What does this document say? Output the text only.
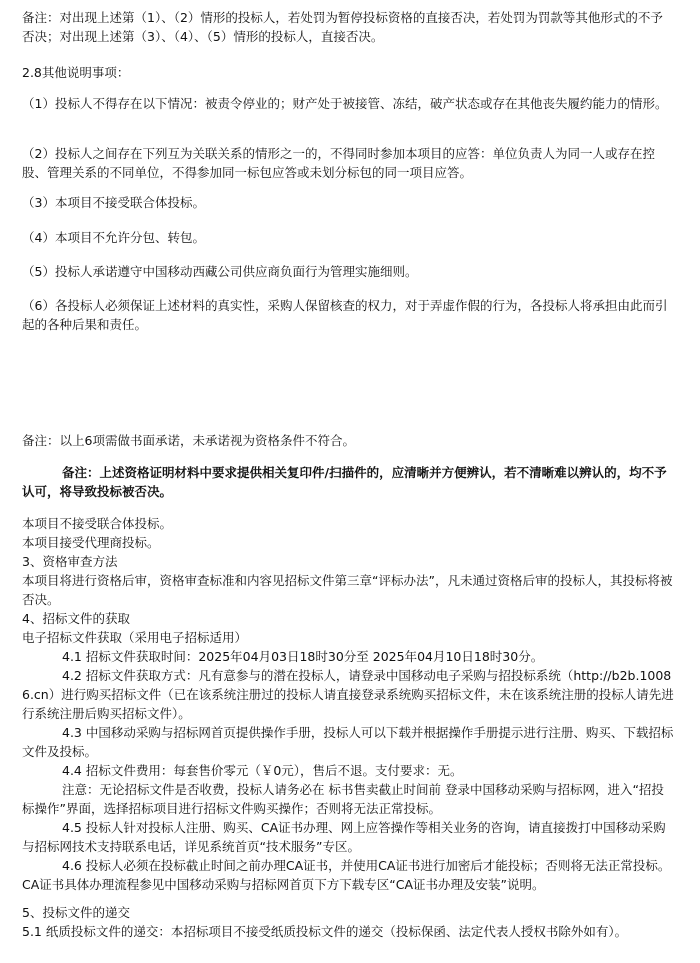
备注：对出现上述第（1）、（2）情形的投标人，若处罚为暂停投标资格的直接否决，若处罚为罚款等其他形式的不予否决；对出现上述第（3）、（4）、（5）情形的投标人，直接否决。

2.8其他说明事项：

（1）投标人不得存在以下情况：被责令停业的；财产处于被接管、冻结，破产状态或存在其他丧失履约能力的情形。

（2）投标人之间存在下列互为关联关系的情形之一的，不得同时参加本项目的应答：单位负责人为同一人或存在控股、管理关系的不同单位，不得参加同一标包应答或未划分标包的同一项目应答。

（3）本项目不接受联合体投标。

（4）本项目不允许分包、转包。

（5）投标人承诺遵守中国移动西藏公司供应商负面行为管理实施细则。

（6）各投标人必须保证上述材料的真实性，采购人保留核查的权力，对于弄虚作假的行为，各投标人将承担由此而引起的各种后果和责任。

备注：以上6项需做书面承诺，未承诺视为资格条件不符合。

备注：上述资格证明材料中要求提供相关复印件/扫描件的，应清晰并方便辨认，若不清晰难以辨认的，均不予认可，将导致投标被否决。

本项目不接受联合体投标。

本项目接受代理商投标。

3、资格审查方法

本项目将进行资格后审，资格审查标准和内容见招标文件第三章“评标办法”，凡未通过资格后审的投标人，其投标将被否决。

4、招标文件的获取

电子招标文件获取（采用电子招标适用）

4.1 招标文件获取时间：2025年04月03日18时30分至 2025年04月10日18时30分。

4.2 招标文件获取方式：凡有意参与的潜在投标人，请登录中国移动电子采购与招投标系统（http://b2b.10086.cn）进行购买招标文件（已在该系统注册过的投标人请直接登录系统购买招标文件，未在该系统注册的投标人请先进行系统注册后购买招标文件）。

4.3 中国移动采购与招标网首页提供操作手册，投标人可以下载并根据操作手册提示进行注册、购买、下载招标文件及投标。

4.4 招标文件费用：每套售价零元（￥0元），售后不退。支付要求：无。

注意：无论招标文件是否收费，投标人请务必在 标书售卖截止时间前 登录中国移动采购与招标网，进入“招投标操作”界面，选择招标项目进行招标文件购买操作；否则将无法正常投标。

4.5 投标人针对投标人注册、购买、CA证书办理、网上应答操作等相关业务的咨询，请直接拨打中国移动采购与招标网技术支持联系电话，详见系统首页“技术服务”专区。

4.6 投标人必须在投标截止时间之前办理CA证书，并使用CA证书进行加密后才能投标；否则将无法正常投标。CA证书具体办理流程参见中国移动采购与招标网首页下方下载专区“CA证书办理及安装”说明。

5、投标文件的递交

5.1 纸质投标文件的递交：本招标项目不接受纸质投标文件的递交（投标保函、法定代表人授权书除外如有）。
